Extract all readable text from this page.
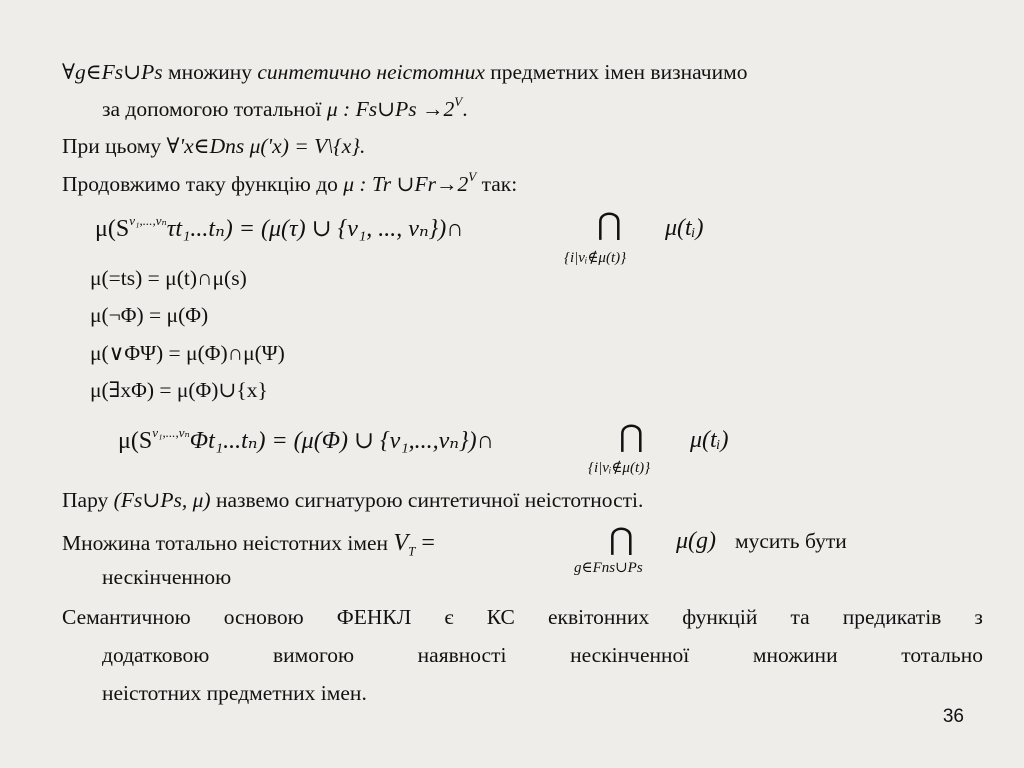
∀g∈Fs∪Ps множину синтетично неістотних предметних імен визначимо
за допомогою тотальної μ : Fs∪Ps $\to 2^V$.
При цьому ∀'x∈Dns μ('x) = V\{x}.
Продовжимо таку функцію до μ : Tr $\cup Fr\to 2^V$ так:
$\mu(S^{v_1,...,v_n}\tau t_1...t_n) = (\mu(\tau)$ ∪ {v₁, ..., vₙ})∩	⋂ μ(tᵢ)
{i|vᵢ∉μ(t)}
μ(=ts) = μ(t)∩μ(s)
μ(¬Φ) = μ(Φ)
μ(∨ΦΨ) = μ(Φ)∩μ(Ψ)
μ(∃xΦ) = μ(Φ)∪{x}
$\mu(S^{v_1,...,v_n}\Phi t_1...t_n) = (\mu(\Phi)$ ∪ {v₁,...,vₙ})∩	⋂ μ(tᵢ)
{i|vᵢ∉μ(t)}
Пару (Fs∪Ps, μ) назвемо сигнатурою синтетичної неістотності.
Множина тотально неістотних імен $V_T$ =	⋂ μ(g) мусить бути
g∈Fns∪Ps
нескінченною
Семантичною основою ФЕНКЛ є КС еквітонних функцій та предикатів з
додатковою	вимогою	наявності	нескінченної	множини	тотально
неістотних предметних імен.
36
